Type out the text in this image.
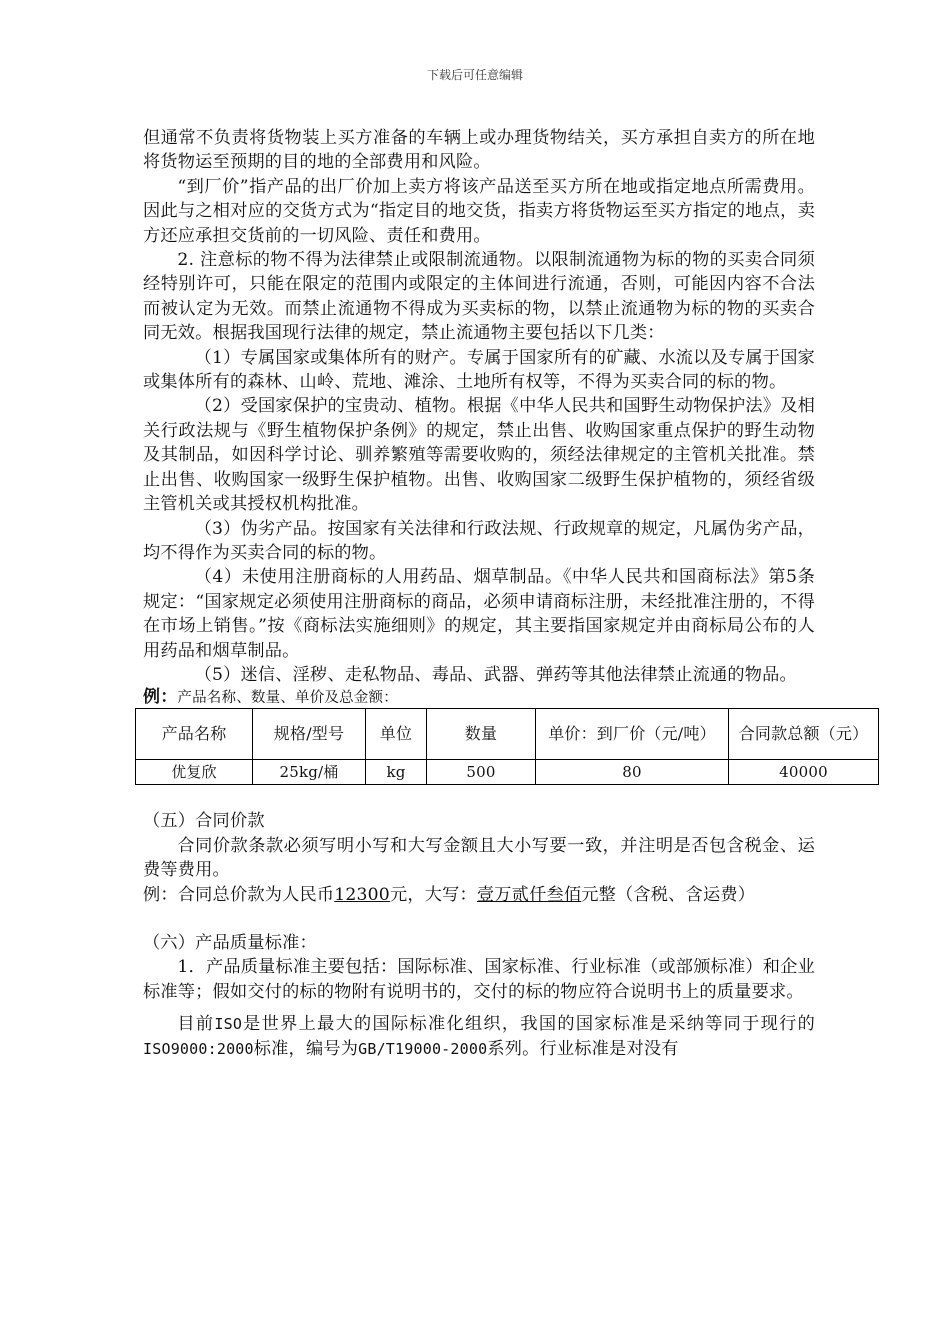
下载后可任意编辑

但通常不负责将货物装上买方准备的车辆上或办理货物结关，买方承担自卖方的所在地将货物运至预期的目的地的全部费用和风险。

“到厂价”指产品的出厂价加上卖方将该产品送至买方所在地或指定地点所需费用。因此与之相对应的交货方式为“指定目的地交货，指卖方将货物运至买方指定的地点，卖方还应承担交货前的一切风险、责任和费用。

2. 注意标的物不得为法律禁止或限制流通物。以限制流通物为标的物的买卖合同须经特别许可，只能在限定的范围内或限定的主体间进行流通，否则，可能因内容不合法而被认定为无效。而禁止流通物不得成为买卖标的物，以禁止流通物为标的物的买卖合同无效。根据我国现行法律的规定，禁止流通物主要包括以下几类：

（1）专属国家或集体所有的财产。专属于国家所有的矿藏、水流以及专属于国家或集体所有的森林、山岭、荒地、滩涂、土地所有权等，不得为买卖合同的标的物。

（2）受国家保护的宝贵动、植物。根据《中华人民共和国野生动物保护法》及相关行政法规与《野生植物保护条例》的规定，禁止出售、收购国家重点保护的野生动物及其制品，如因科学讨论、驯养繁殖等需要收购的，须经法律规定的主管机关批准。禁止出售、收购国家一级野生保护植物。出售、收购国家二级野生保护植物的，须经省级主管机关或其授权机构批准。

（3）伪劣产品。按国家有关法律和行政法规、行政规章的规定，凡属伪劣产品，均不得作为买卖合同的标的物。

（4）未使用注册商标的人用药品、烟草制品。《中华人民共和国商标法》第5条规定：“国家规定必须使用注册商标的商品，必须申请商标注册，未经批准注册的，不得在市场上销售。”按《商标法实施细则》的规定，其主要指国家规定并由商标局公布的人用药品和烟草制品。

（5）迷信、淫秽、走私物品、毒品、武器、弹药等其他法律禁止流通的物品。

例：产品名称、数量、单价及总金额：

产品名称	规格/型号	单位	数量	单价：到厂价（元/吨）	合同款总额（元）
优复欣	25kg/桶	kg	500	80	40000

（五）合同价款

合同价款条款必须写明小写和大写金额且大小写要一致，并注明是否包含税金、运费等费用。

例：合同总价款为人民币12300元，大写：壹万贰仟叁佰元整（含税、含运费）

（六）产品质量标准：

1．产品质量标准主要包括：国际标准、国家标准、行业标准（或部颁标准）和企业标准等；假如交付的标的物附有说明书的，交付的标的物应符合说明书上的质量要求。

目前ISO是世界上最大的国际标准化组织，我国的国家标准是采纳等同于现行的ISO9000:2000标准，编号为GB/T19000-2000系列。行业标准是对没有
